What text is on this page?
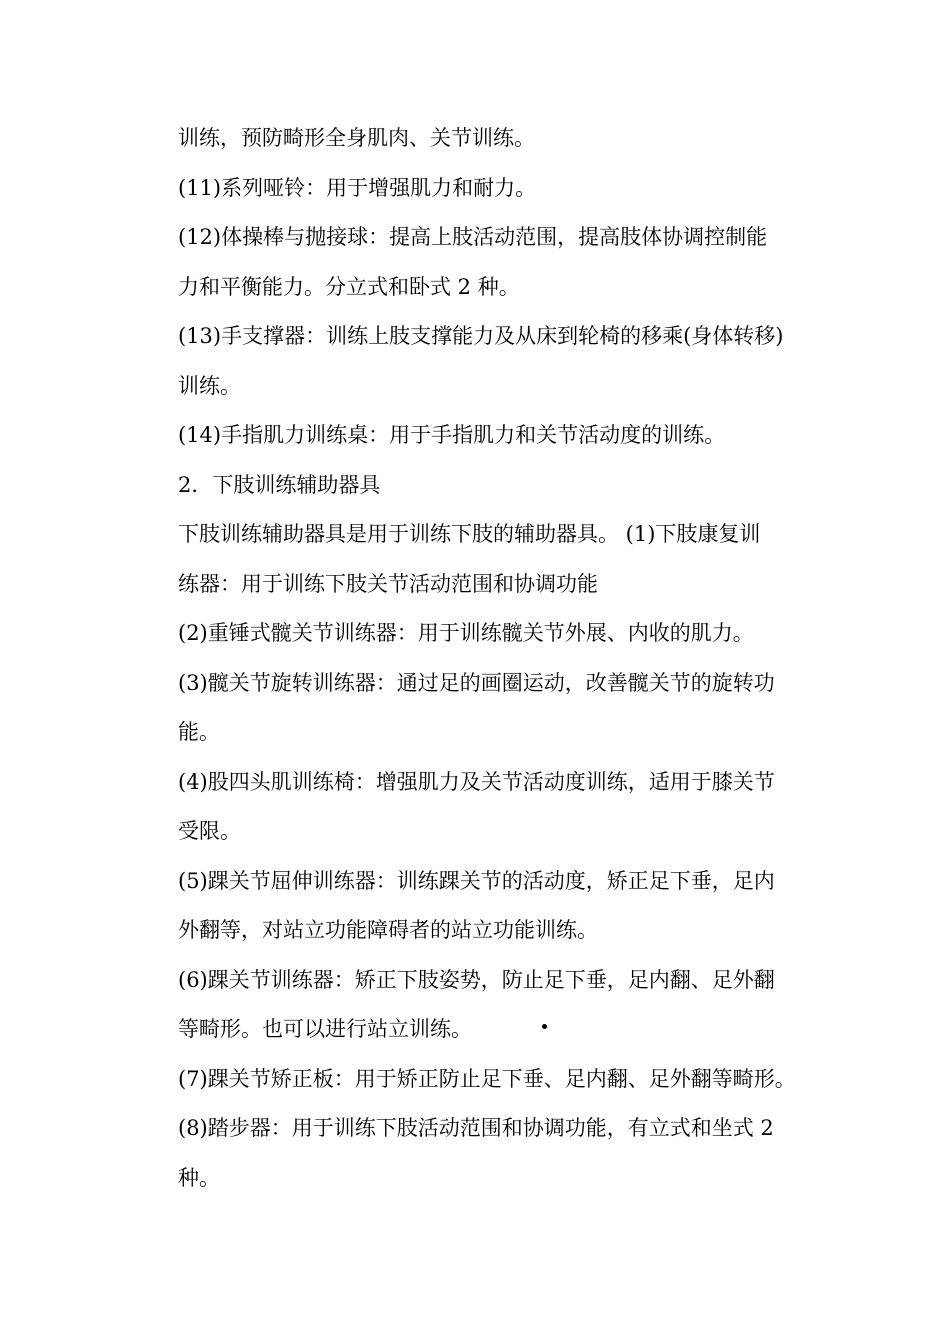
训练，预防畸形全身肌肉、关节训练。
(11)系列哑铃：用于增强肌力和耐力。
(12)体操棒与抛接球：提高上肢活动范围，提高肢体协调控制能
力和平衡能力。分立式和卧式 2 种。
(13)手支撑器：训练上肢支撑能力及从床到轮椅的移乘(身体转移)
训练。
(14)手指肌力训练桌：用于手指肌力和关节活动度的训练。
2．下肢训练辅助器具
下肢训练辅助器具是用于训练下肢的辅助器具。 (1)下肢康复训
练器：用于训练下肢关节活动范围和协调功能
(2)重锤式髋关节训练器：用于训练髋关节外展、内收的肌力。
(3)髋关节旋转训练器：通过足的画圈运动，改善髋关节的旋转功
能。
(4)股四头肌训练椅：增强肌力及关节活动度训练，适用于膝关节
受限。
(5)踝关节屈伸训练器：训练踝关节的活动度，矫正足下垂，足内
外翻等，对站立功能障碍者的站立功能训练。
(6)踝关节训练器：矫正下肢姿势，防止足下垂，足内翻、足外翻
等畸形。也可以进行站立训练。
(7)踝关节矫正板：用于矫正防止足下垂、足内翻、足外翻等畸形。
(8)踏步器：用于训练下肢活动范围和协调功能，有立式和坐式 2
种。
